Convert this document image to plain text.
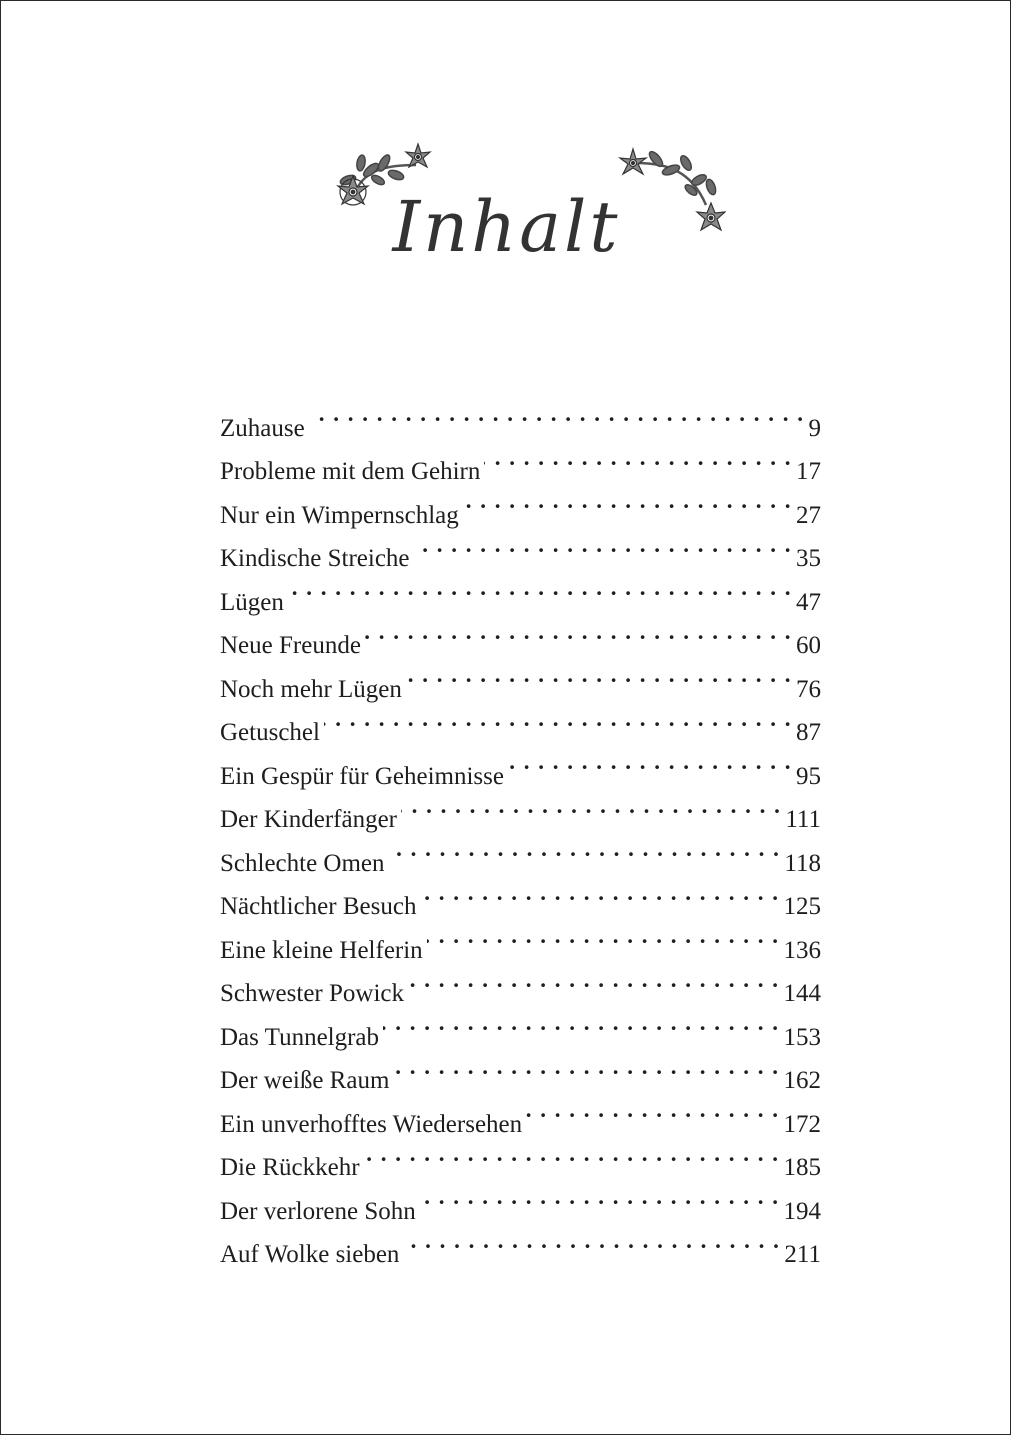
Inhalt
Zuhause . . .	9
Probleme mit dem Gehirn . . .	17
Nur ein Wimpernschlag . . .	27
Kindische Streiche . . .	35
Lügen . . .	47
Neue Freunde . . .	60
Noch mehr Lügen . . .	76
Getuschel . . .	87
Ein Gespür für Geheimnisse . . .	95
Der Kinderfänger . . .	111
Schlechte Omen . . .	118
Nächtlicher Besuch . . .	125
Eine kleine Helferin . . .	136
Schwester Powick . . .	144
Das Tunnelgrab . . .	153
Der weiße Raum . . .	162
Ein unverhofftes Wiedersehen . . .	172
Die Rückkehr . . .	185
Der verlorene Sohn . . .	194
Auf Wolke sieben . . .	211
